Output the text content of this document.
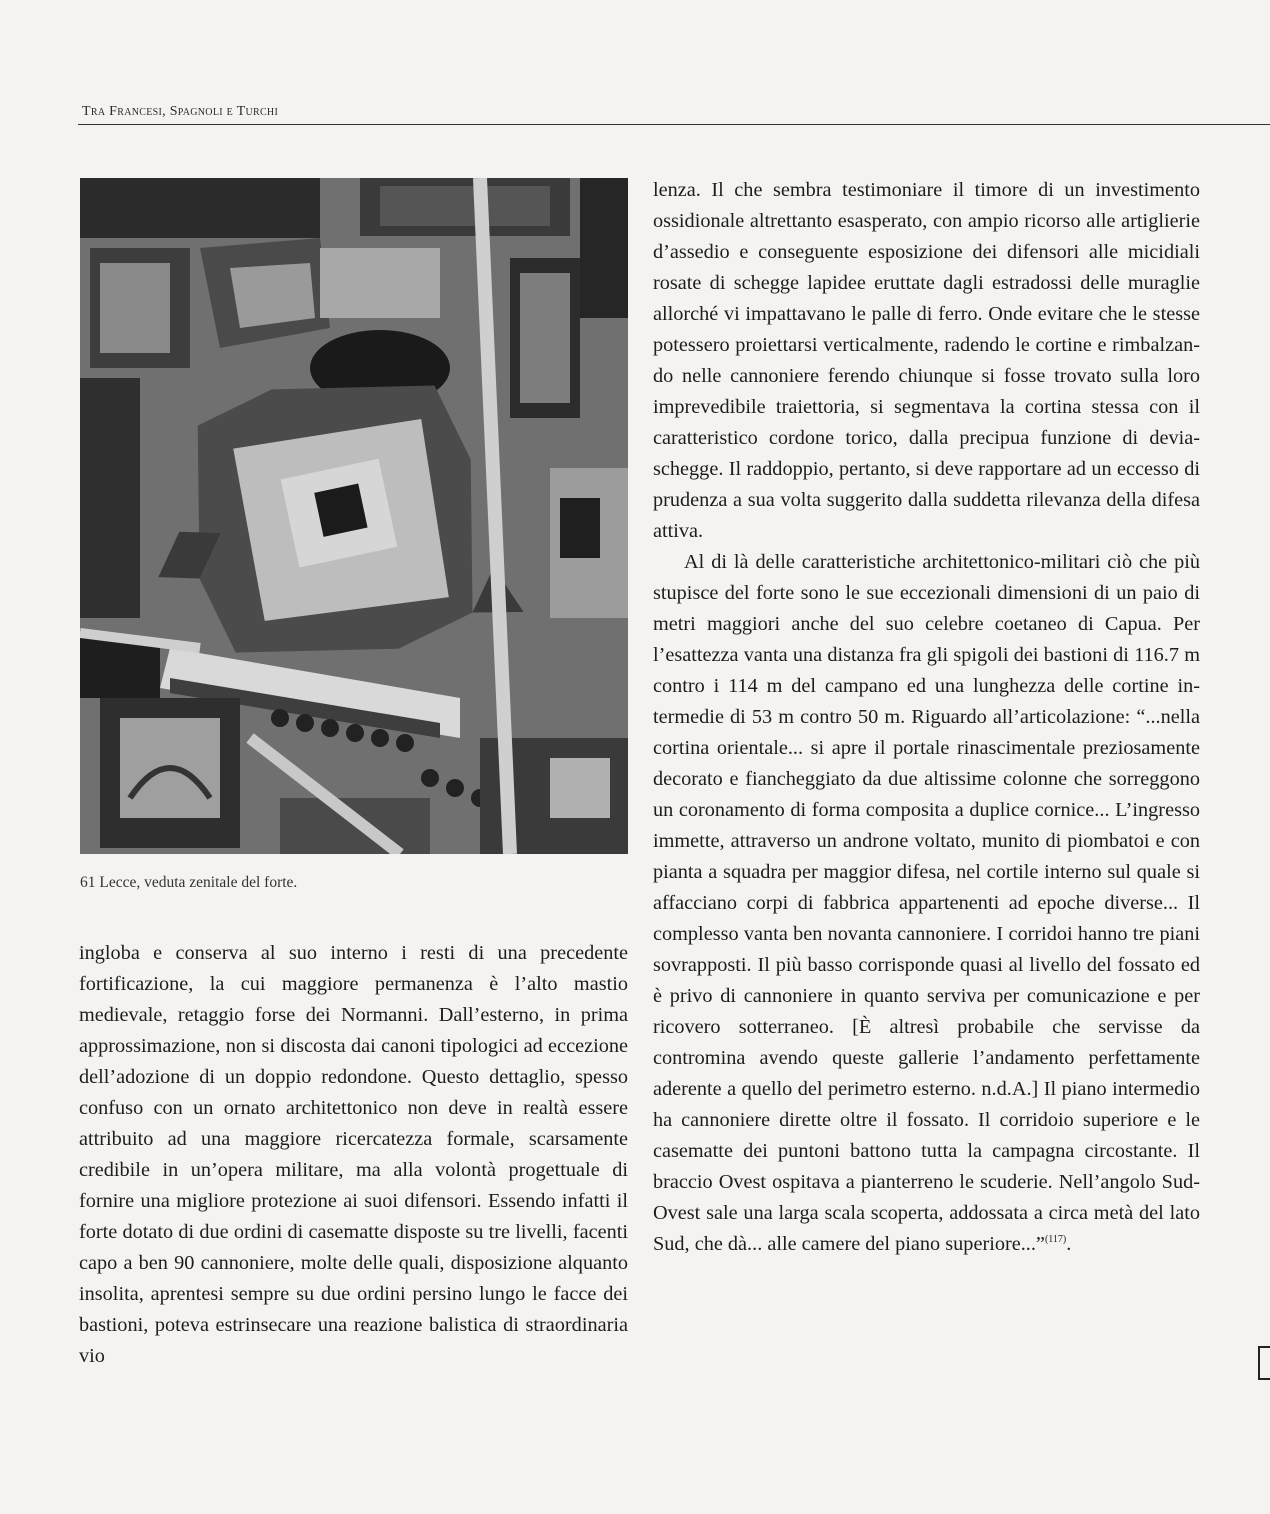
Tra Francesi, Spagnoli e Turchi
61 Lecce, veduta zenitale del forte.

ingloba e conserva al suo interno i resti di una precedente fortificazione, la cui maggiore permanenza è l’alto mastio medievale, retaggio forse dei Normanni. Dall’esterno, in prima approssimazione, non si discosta dai canoni tipologici ad eccezione dell’adozione di un doppio redondone. Questo dettaglio, spesso confuso con un ornato architettonico non deve in realtà essere attribuito ad una maggiore ricercatezza formale, scarsamente credibile in un’opera militare, ma alla volontà progettuale di fornire una migliore protezione ai suoi difensori. Essendo infatti il forte dotato di due ordini di casematte disposte su tre livelli, facenti capo a ben 90 cannoniere, molte delle quali, disposizione alquanto insolita, aprentesi sempre su due ordini persino lungo le facce dei bastioni, poteva estrinsecare una reazione balistica di straordinaria vio

lenza. Il che sembra testimoniare il timore di un investimento ossidionale altrettanto esasperato, con ampio ricorso alle artiglierie d’assedio e conseguente esposizione dei difensori alle micidiali rosate di schegge lapidee eruttate dagli estradossi delle muraglie allorché vi impattavano le palle di ferro. Onde evitare che le stesse potessero proiettarsi verticalmente, radendo le cortine e rimbalzando nelle cannoniere ferendo chiunque si fosse trovato sulla loro imprevedibile traiettoria, si segmentava la cortina stessa con il caratteristico cordone torico, dalla precipua funzione di devia-schegge. Il raddoppio, pertanto, si deve rapportare ad un eccesso di prudenza a sua volta suggerito dalla suddetta rilevanza della difesa attiva.

Al di là delle caratteristiche architettonico-militari ciò che più stupisce del forte sono le sue eccezionali dimensioni di un paio di metri maggiori anche del suo celebre coetaneo di Capua. Per l’esattezza vanta una distanza fra gli spigoli dei bastioni di 116.7 m contro i 114 m del campano ed una lunghezza delle cortine intermedie di 53 m contro 50 m. Riguardo all’articolazione: “...nella cortina orientale... si apre il portale rinascimentale preziosamente decorato e fiancheggiato da due altissime colonne che sorreggono un coronamento di forma composita a duplice cornice... L’ingresso immette, attraverso un androne voltato, munito di piombatoi e con pianta a squadra per maggior difesa, nel cortile interno sul quale si affacciano corpi di fabbrica appartenenti ad epoche diverse... Il complesso vanta ben novanta cannoniere. I corridoi hanno tre piani sovrapposti. Il più basso corrisponde quasi al livello del fossato ed è privo di cannoniere in quanto serviva per comunicazione e per ricovero sotterraneo. [È altresì probabile che servisse da contromina avendo queste gallerie l’andamento perfettamente aderente a quello del perimetro esterno. n.d.A.] Il piano intermedio ha cannoniere dirette oltre il fossato. Il corridoio superiore e le casematte dei puntoni battono tutta la campagna circostante. Il braccio Ovest ospitava a pianterreno le scuderie. Nell’angolo Sud-Ovest sale una larga scala scoperta, addossata a circa metà del lato Sud, che dà... alle camere del piano superiore...”$^{(117)}$.
